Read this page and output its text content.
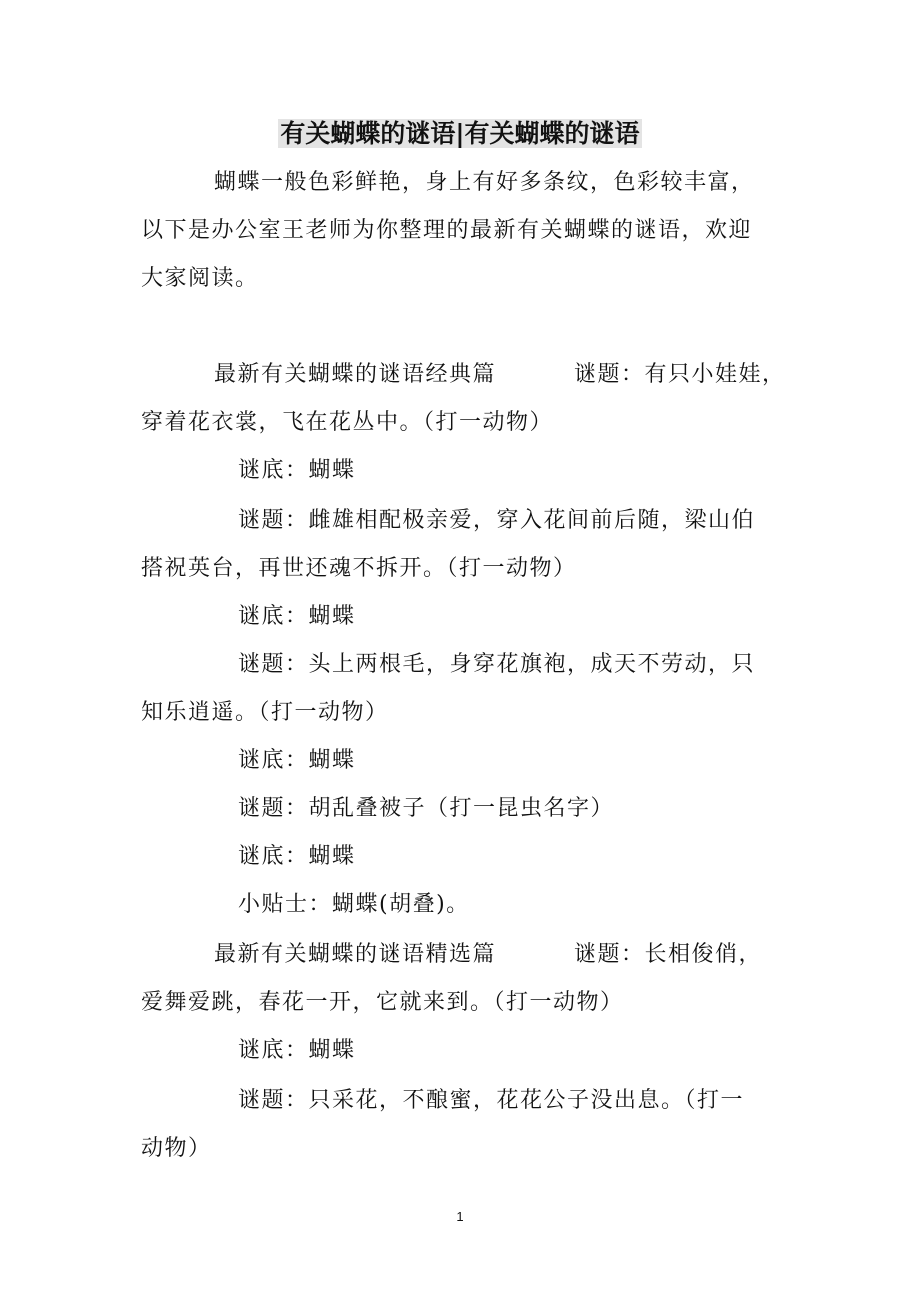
有关蝴蝶的谜语|有关蝴蝶的谜语
蝴蝶一般色彩鲜艳，身上有好多条纹，色彩较丰富，
以下是办公室王老师为你整理的最新有关蝴蝶的谜语，欢迎
大家阅读。
最新有关蝴蝶的谜语经典篇	谜题：有只小娃娃，
穿着花衣裳，飞在花丛中。（打一动物）
谜底：蝴蝶
谜题：雌雄相配极亲爱，穿入花间前后随，梁山伯
搭祝英台，再世还魂不拆开。（打一动物）
谜底：蝴蝶
谜题：头上两根毛，身穿花旗袍，成天不劳动，只
知乐逍遥。（打一动物）
谜底：蝴蝶
谜题：胡乱叠被子（打一昆虫名字）
谜底：蝴蝶
小贴士：蝴蝶(胡叠)。
最新有关蝴蝶的谜语精选篇	谜题：长相俊俏，
爱舞爱跳，春花一开，它就来到。（打一动物）
谜底：蝴蝶
谜题：只采花，不酿蜜，花花公子没出息。（打一
动物）
1
